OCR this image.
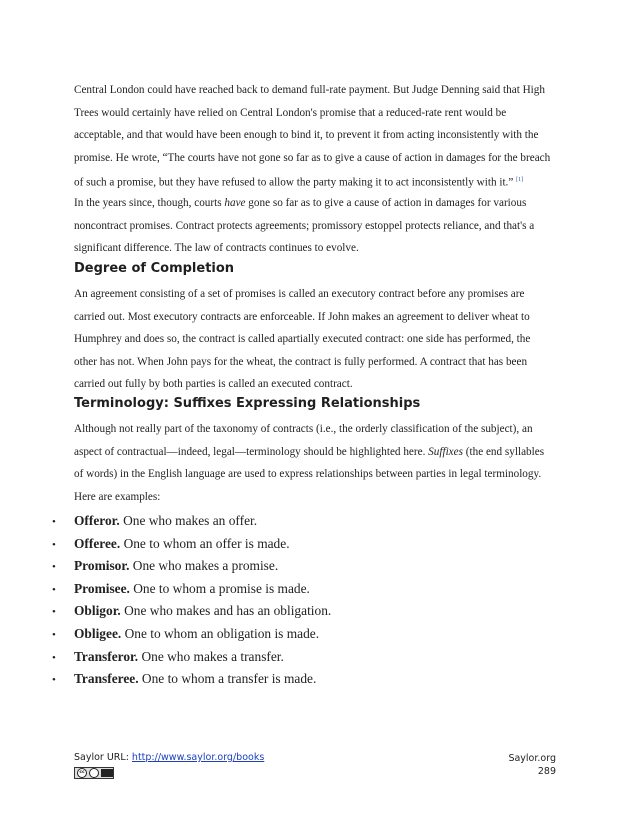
Central London could have reached back to demand full-rate payment. But Judge Denning said that High
Trees would certainly have relied on Central London's promise that a reduced-rate rent would be
acceptable, and that would have been enough to bind it, to prevent it from acting inconsistently with the
promise. He wrote, “The courts have not gone so far as to give a cause of action in damages for the breach
of such a promise, but they have refused to allow the party making it to act inconsistently with it.” [1]

In the years since, though, courts have gone so far as to give a cause of action in damages for various
noncontract promises. Contract protects agreements; promissory estoppel protects reliance, and that's a
significant difference. The law of contracts continues to evolve.

Degree of Completion

An agreement consisting of a set of promises is called an executory contract before any promises are
carried out. Most executory contracts are enforceable. If John makes an agreement to deliver wheat to
Humphrey and does so, the contract is called apartially executed contract: one side has performed, the
other has not. When John pays for the wheat, the contract is fully performed. A contract that has been
carried out fully by both parties is called an executed contract.

Terminology: Suffixes Expressing Relationships

Although not really part of the taxonomy of contracts (i.e., the orderly classification of the subject), an
aspect of contractual—indeed, legal—terminology should be highlighted here. Suffixes (the end syllables
of words) in the English language are used to express relationships between parties in legal terminology.
Here are examples:

• Offeror. One who makes an offer.
• Offeree. One to whom an offer is made.
• Promisor. One who makes a promise.
• Promisee. One to whom a promise is made.
• Obligor. One who makes and has an obligation.
• Obligee. One to whom an obligation is made.
• Transferor. One who makes a transfer.
• Transferee. One to whom a transfer is made.
Saylor URL: http://www.saylor.org/books
cc
Saylor.org
289
